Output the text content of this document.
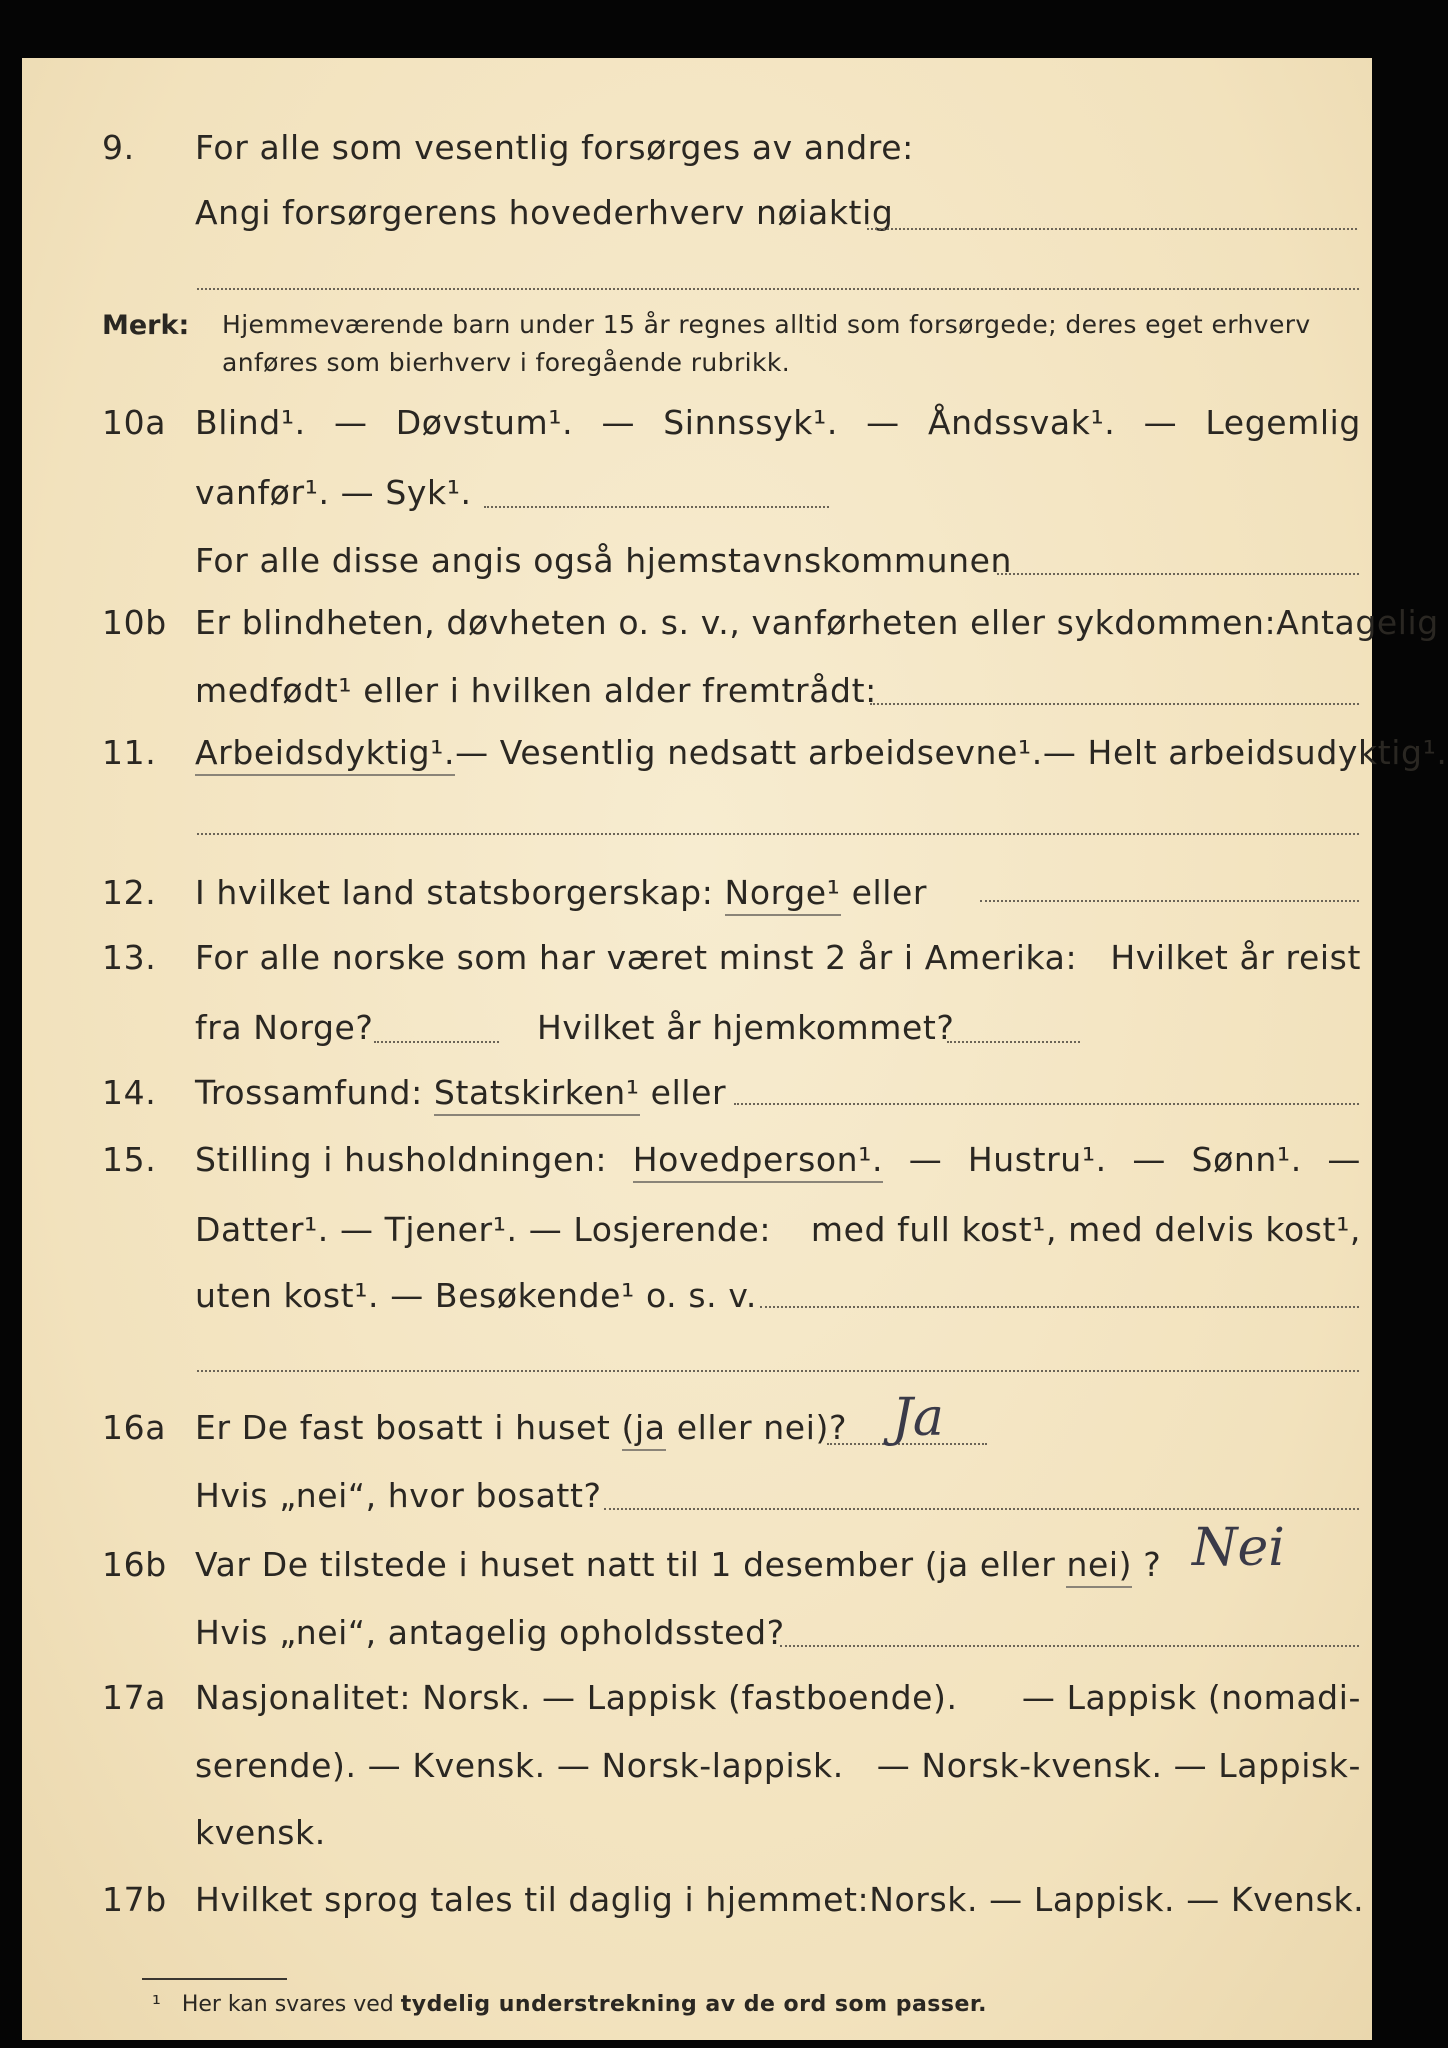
9. For alle som vesentlig forsørges av andre:
Angi forsørgerens hovederhverv nøiaktig
Merk: Hjemmeværende barn under 15 år regnes alltid som forsørgede; deres eget erhverv
anføres som bierhverv i foregående rubrikk.
10a Blind¹. — Døvstum¹. — Sinnssyk¹. — Åndssvak¹. — Legemlig
vanfør¹. — Syk¹.
For alle disse angis også hjemstavnskommunen
10b Er blindheten, døvheten o. s. v., vanførheten eller sykdommen: Antagelig
medfødt¹ eller i hvilken alder fremtrådt:
11. Arbeidsdyktig¹. — Vesentlig nedsatt arbeidsevne¹. — Helt arbeidsudyktig¹.
12. I hvilket land statsborgerskap: Norge¹ eller
13. For alle norske som har været minst 2 år i Amerika: Hvilket år reist
fra Norge?	Hvilket år hjemkommet?
14. Trossamfund: Statskirken¹ eller
15. Stilling i husholdningen: Hovedperson¹. — Hustru¹. — Sønn¹. —
Datter¹. — Tjener¹. — Losjerende: med full kost¹, med delvis kost¹,
uten kost¹. — Besøkende¹ o. s. v.
16a Er De fast bosatt i huset (ja eller nei)? Ja
Hvis „nei“, hvor bosatt?
16b Var De tilstede i huset natt til 1 desember (ja eller nei) ? Nei
Hvis „nei“, antagelig opholdssted?
17a Nasjonalitet: Norsk. — Lappisk (fastboende). — Lappisk (nomadi-
serende). — Kvensk. — Norsk-lappisk. — Norsk-kvensk. — Lappisk-
kvensk.
17b Hvilket sprog tales til daglig i hjemmet: Norsk. — Lappisk. — Kvensk.
¹ Her kan svares ved tydelig understrekning av de ord som passer.
